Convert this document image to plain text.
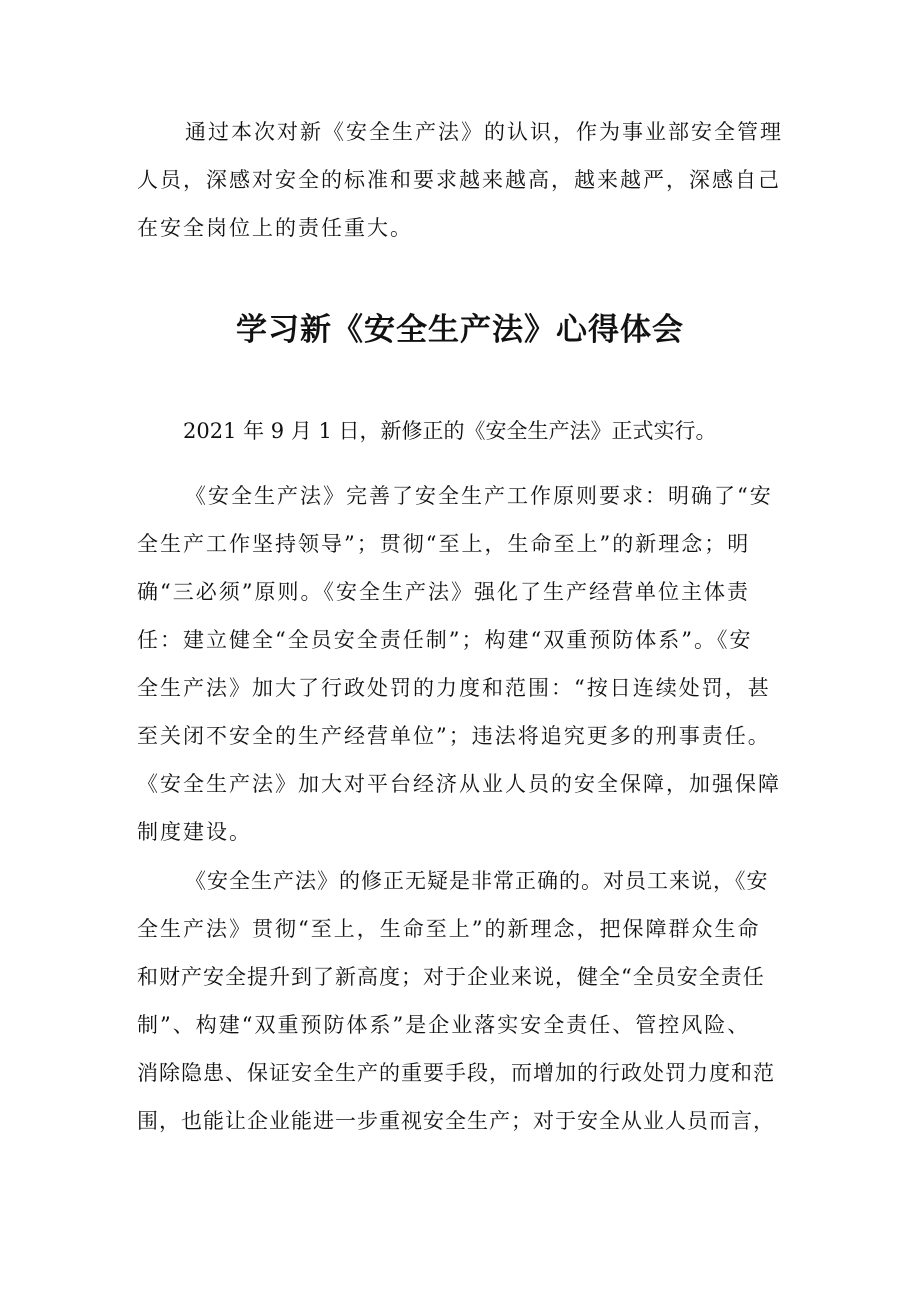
通过本次对新《安全生产法》的认识，作为事业部安全管理
人员，深感对安全的标准和要求越来越高，越来越严，深感自己
在安全岗位上的责任重大。
学习新《安全生产法》心得体会
2021 年 9 月 1 日，新修正的《安全生产法》正式实行。
《安全生产法》完善了安全生产工作原则要求：明确了“安
全生产工作坚持领导”；贯彻“至上，生命至上”的新理念；明
确“三必须”原则。《安全生产法》强化了生产经营单位主体责
任：建立健全“全员安全责任制”；构建“双重预防体系”。《安
全生产法》加大了行政处罚的力度和范围：“按日连续处罚，甚
至关闭不安全的生产经营单位”；违法将追究更多的刑事责任。
《安全生产法》加大对平台经济从业人员的安全保障，加强保障
制度建设。
《安全生产法》的修正无疑是非常正确的。对员工来说，《安
全生产法》贯彻“至上，生命至上”的新理念，把保障群众生命
和财产安全提升到了新高度；对于企业来说，健全“全员安全责任
制”、构建“双重预防体系”是企业落实安全责任、管控风险、
消除隐患、保证安全生产的重要手段，而增加的行政处罚力度和范
围，也能让企业能进一步重视安全生产；对于安全从业人员而言，
